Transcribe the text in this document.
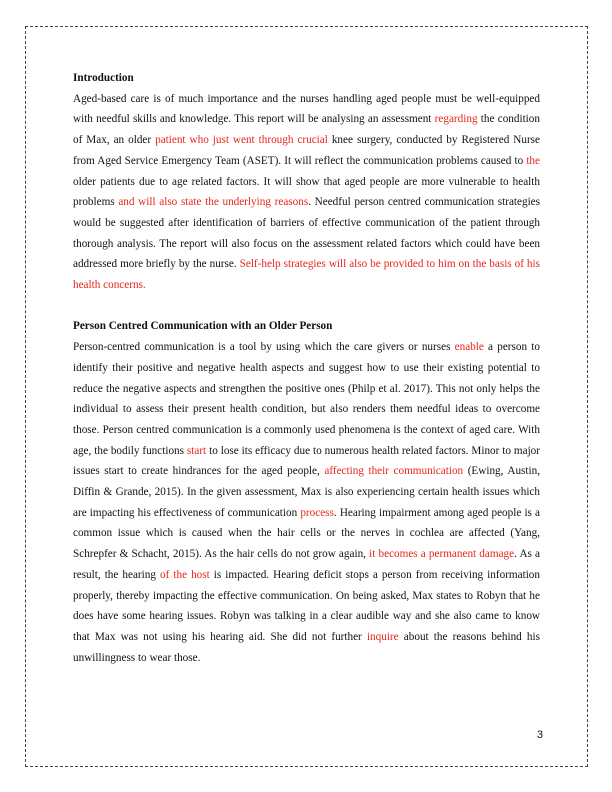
Introduction

Aged-based care is of much importance and the nurses handling aged people must be well-equipped with needful skills and knowledge. This report will be analysing an assessment regarding the condition of Max, an older patient who just went through crucial knee surgery, conducted by Registered Nurse from Aged Service Emergency Team (ASET). It will reflect the communication problems caused to the older patients due to age related factors. It will show that aged people are more vulnerable to health problems and will also state the underlying reasons. Needful person centred communication strategies would be suggested after identification of barriers of effective communication of the patient through thorough analysis. The report will also focus on the assessment related factors which could have been addressed more briefly by the nurse. Self-help strategies will also be provided to him on the basis of his health concerns.

Person Centred Communication with an Older Person

Person-centred communication is a tool by using which the care givers or nurses enable a person to identify their positive and negative health aspects and suggest how to use their existing potential to reduce the negative aspects and strengthen the positive ones (Philp et al. 2017). This not only helps the individual to assess their present health condition, but also renders them needful ideas to overcome those. Person centred communication is a commonly used phenomena is the context of aged care. With age, the bodily functions start to lose its efficacy due to numerous health related factors. Minor to major issues start to create hindrances for the aged people, affecting their communication (Ewing, Austin, Diffin & Grande, 2015). In the given assessment, Max is also experiencing certain health issues which are impacting his effectiveness of communication process. Hearing impairment among aged people is a common issue which is caused when the hair cells or the nerves in cochlea are affected (Yang, Schrepfer & Schacht, 2015). As the hair cells do not grow again, it becomes a permanent damage. As a result, the hearing of the host is impacted. Hearing deficit stops a person from receiving information properly, thereby impacting the effective communication. On being asked, Max states to Robyn that he does have some hearing issues. Robyn was talking in a clear audible way and she also came to know that Max was not using his hearing aid. She did not further inquire about the reasons behind his unwillingness to wear those.

3
